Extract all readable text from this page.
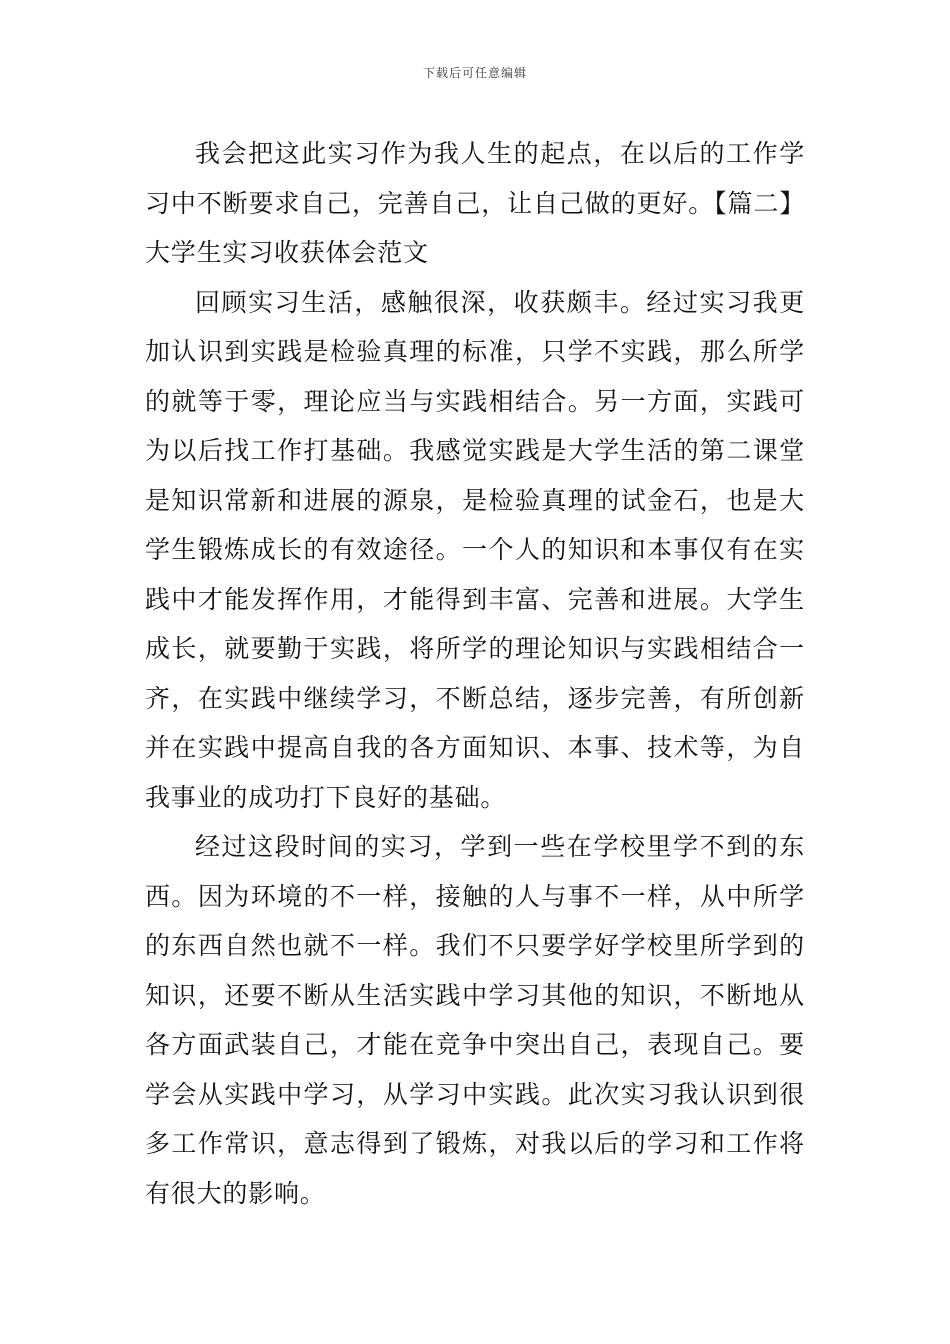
下载后可任意编辑

我会把这此实习作为我人生的起点，在以后的工作学习中不断要求自己，完善自己，让自己做的更好。【篇二】大学生实习收获体会范文

回顾实习生活，感触很深，收获颇丰。经过实习我更加认识到实践是检验真理的标准，只学不实践，那么所学的就等于零，理论应当与实践相结合。另一方面，实践可为以后找工作打基础。我感觉实践是大学生活的第二课堂是知识常新和进展的源泉，是检验真理的试金石，也是大学生锻炼成长的有效途径。一个人的知识和本事仅有在实践中才能发挥作用，才能得到丰富、完善和进展。大学生成长，就要勤于实践，将所学的理论知识与实践相结合一齐，在实践中继续学习，不断总结，逐步完善，有所创新并在实践中提高自我的各方面知识、本事、技术等，为自我事业的成功打下良好的基础。

经过这段时间的实习，学到一些在学校里学不到的东西。因为环境的不一样，接触的人与事不一样，从中所学的东西自然也就不一样。我们不只要学好学校里所学到的知识，还要不断从生活实践中学习其他的知识，不断地从各方面武装自己，才能在竞争中突出自己，表现自己。要学会从实践中学习，从学习中实践。此次实习我认识到很多工作常识，意志得到了锻炼，对我以后的学习和工作将有很大的影响。
